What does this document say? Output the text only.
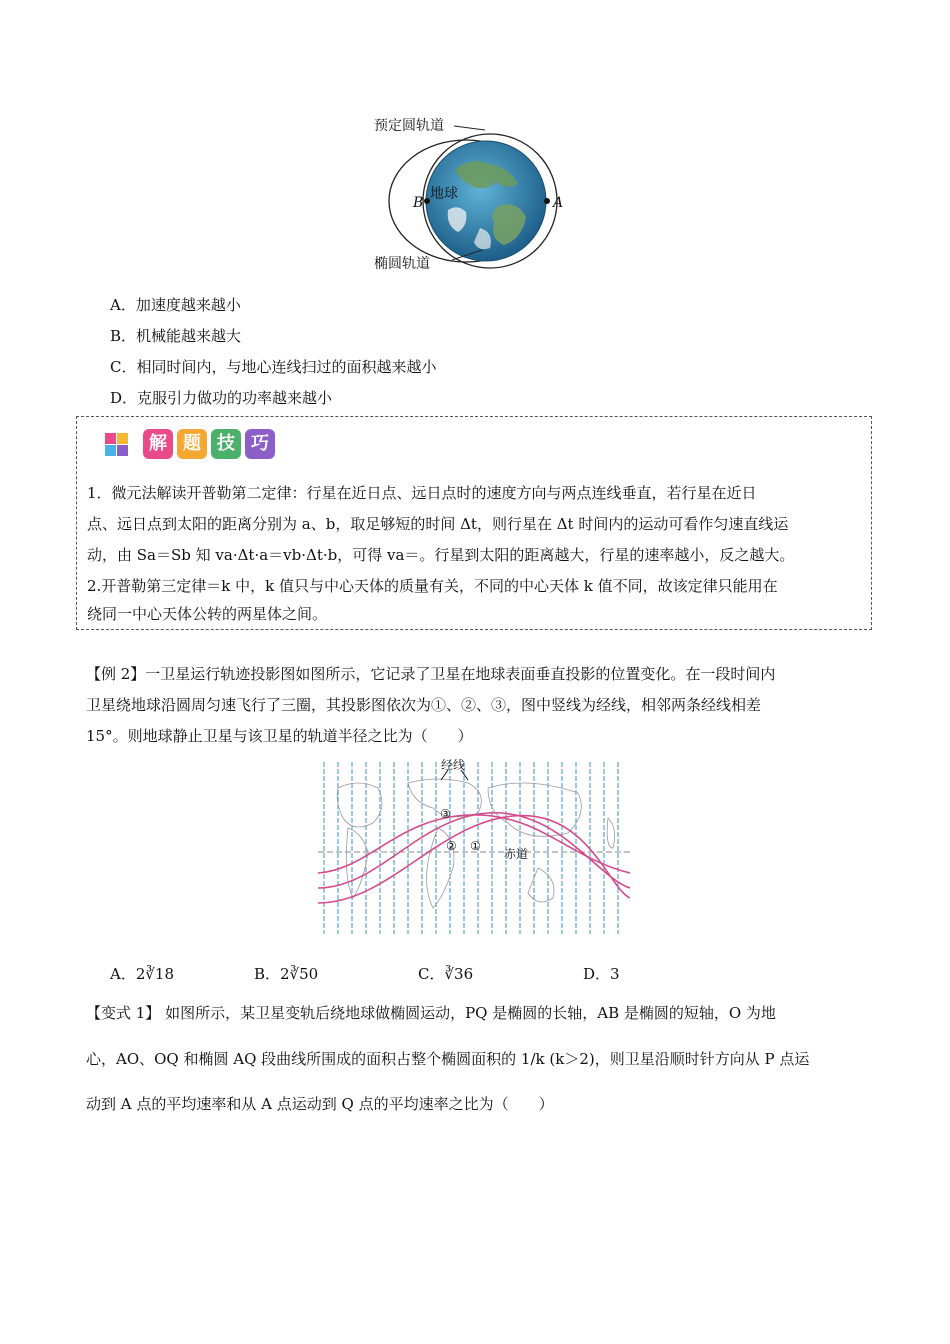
预定圆轨道
地球
B	A
椭圆轨道
A．加速度越来越小
B．机械能越来越大
C．相同时间内，与地心连线扫过的面积越来越小
D．克服引力做功的功率越来越小
解 题 技 巧
1．微元法解读开普勒第二定律：行星在近日点、远日点时的速度方向与两点连线垂直，若行星在近日
点、远日点到太阳的距离分别为 a、b，取足够短的时间 Δt，则行星在 Δt 时间内的运动可看作匀速直线运
动，由 Sa＝Sb 知 va·Δt·a＝vb·Δt·b，可得 va＝。行星到太阳的距离越大，行星的速率越小，反之越大。
2.开普勒第三定律＝k 中，k 值只与中心天体的质量有关，不同的中心天体 k 值不同，故该定律只能用在
绕同一中心天体公转的两星体之间。
【例 2】一卫星运行轨迹投影图如图所示，它记录了卫星在地球表面垂直投影的位置变化。在一段时间内
卫星绕地球沿圆周匀速飞行了三圈，其投影图依次为①、②、③，图中竖线为经线，相邻两条经线相差
15°。则地球静止卫星与该卫星的轨道半径之比为（　　）
经线
赤道
①
②
③
A．2∛18	B．2∛50	C．∛36	D．3
【变式 1】 如图所示，某卫星变轨后绕地球做椭圆运动，PQ 是椭圆的长轴，AB 是椭圆的短轴，O 为地
心，AO、OQ 和椭圆 AQ 段曲线所围成的面积占整个椭圆面积的 1/k (k＞2)，则卫星沿顺时针方向从 P 点运
动到 A 点的平均速率和从 A 点运动到 Q 点的平均速率之比为（　　）
